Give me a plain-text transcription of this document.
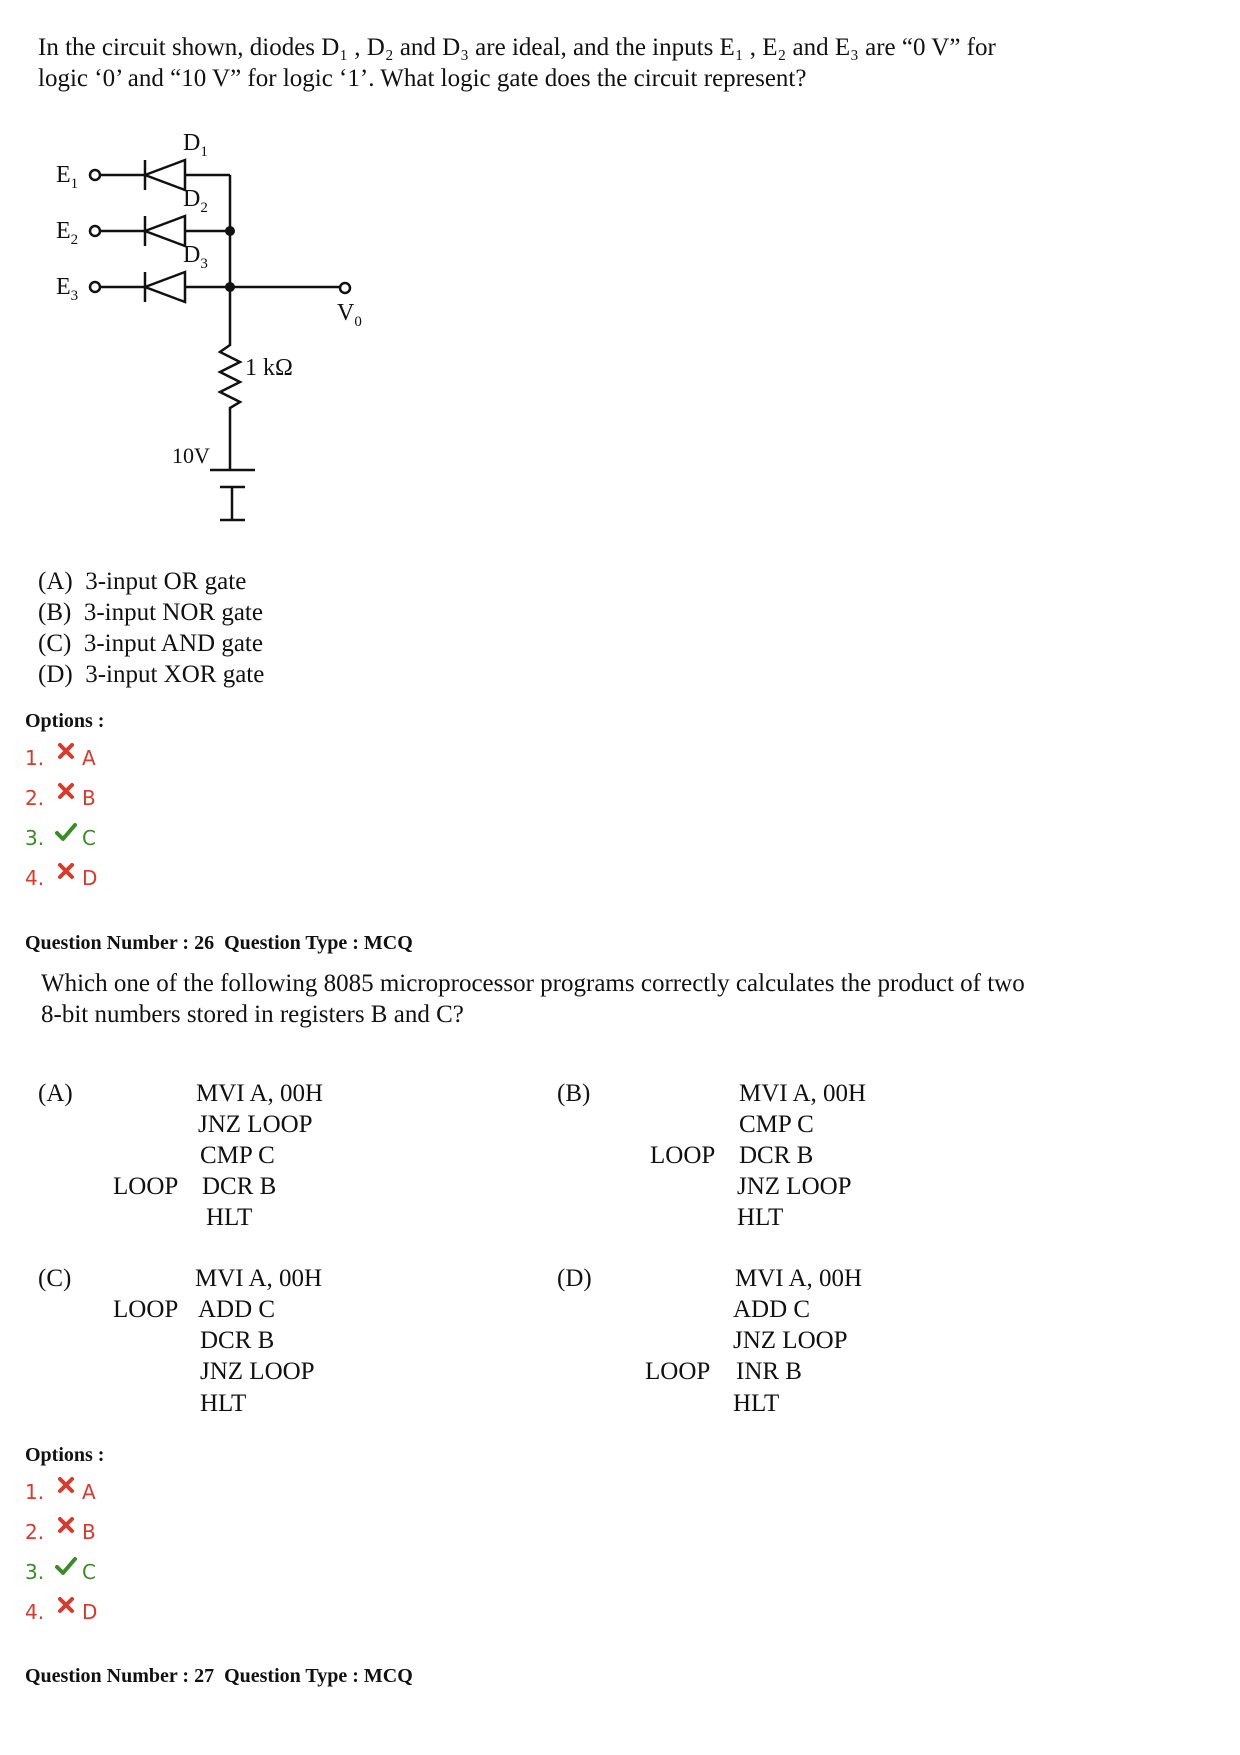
In the circuit shown, diodes D₁ , D₂ and D₃ are ideal, and the inputs E₁ , E₂ and E₃ are “0 V” for
logic ‘0’ and “10 V” for logic ‘1’. What logic gate does the circuit represent?
$E_1$
$E_2$
$E_3$
$D_1$
$D_2$
$D_3$
$V_0$
1 kΩ
10V
(A)  3-input OR gate
(B)  3-input NOR gate
(C)  3-input AND gate
(D)  3-input XOR gate
Options :
1.	A
2.	B
3.	C
4.	D
Question Number : 26  Question Type : MCQ
Which one of the following 8085 microprocessor programs correctly calculates the product of two
8-bit numbers stored in registers B and C?
(A)	MVI A, 00H
JNZ LOOP
CMP C
LOOP DCR B
HLT
(B)	MVI A, 00H
CMP C
LOOP DCR B
JNZ LOOP
HLT
(C)	MVI A, 00H
LOOP ADD C
DCR B
JNZ LOOP
HLT
(D)	MVI A, 00H
ADD C
JNZ LOOP
LOOP INR B
HLT
Options :
1.	A
2.	B
3.	C
4.	D
Question Number : 27  Question Type : MCQ
